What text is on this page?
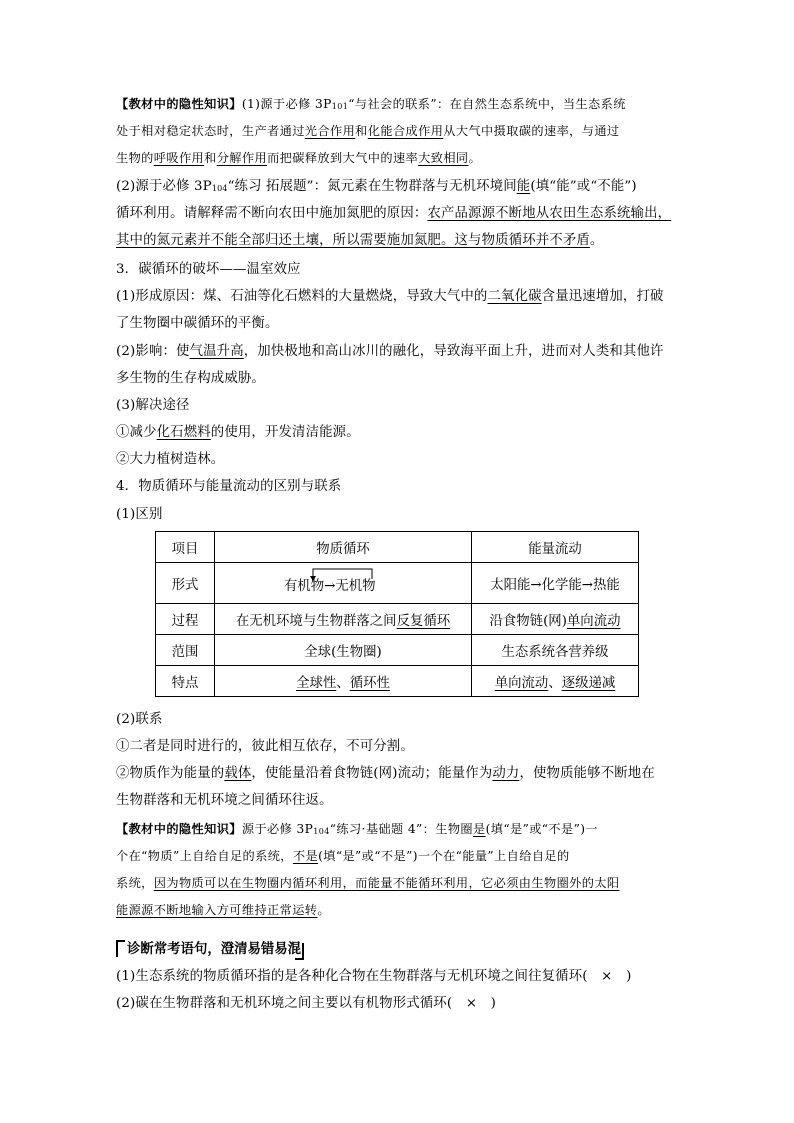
【教材中的隐性知识】(1)源于必修 $3P_{101}“$与社会的联系”：在自然生态系统中，当生态系统
处于相对稳定状态时，生产者通过光合作用和化能合成作用从大气中摄取碳的速率，与通过
生物的呼吸作用和分解作用而把碳释放到大气中的速率大致相同。
(2)源于必修 $3P_{104}“$练习 拓展题”：氮元素在生物群落与无机环境间能(填“能”或“不能”)
循环利用。请解释需不断向农田中施加氮肥的原因：农产品源源不断地从农田生态系统输出，
其中的氮元素并不能全部归还土壤，所以需要施加氮肥。这与物质循环并不矛盾。
3．碳循环的破坏——温室效应
(1)形成原因：煤、石油等化石燃料的大量燃烧，导致大气中的二氧化碳含量迅速增加，打破
了生物圈中碳循环的平衡。
(2)影响：使气温升高，加快极地和高山冰川的融化，导致海平面上升，进而对人类和其他许
多生物的生存构成威胁。
(3)解决途径
①减少化石燃料的使用，开发清洁能源。
②大力植树造林。
4．物质循环与能量流动的区别与联系
(1)区别
项目	物质循环	能量流动
形式	有机物→无机物	太阳能→化学能→热能
过程	在无机环境与生物群落之间反复循环	沿食物链(网)单向流动
范围	全球(生物圈)	生态系统各营养级
特点	全球性、循环性	单向流动、逐级递减
(2)联系
①二者是同时进行的，彼此相互依存，不可分割。
②物质作为能量的载体，使能量沿着食物链(网)流动；能量作为动力，使物质能够不断地在
生物群落和无机环境之间循环往返。
【教材中的隐性知识】源于必修 $3P_{104}“$练习·基础题 4”：生物圈是(填“是”或“不是”)一
个在“物质”上自给自足的系统，不是(填“是”或“不是”)一个在“能量”上自给自足的
系统，因为物质可以在生物圈内循环利用，而能量不能循环利用，它必须由生物圈外的太阳
能源源不断地输入方可维持正常运转。
诊断常考语句，澄清易错易混
(1)生态系统的物质循环指的是各种化合物在生物群落与无机环境之间往复循环(　×　)
(2)碳在生物群落和无机环境之间主要以有机物形式循环(　×　)
